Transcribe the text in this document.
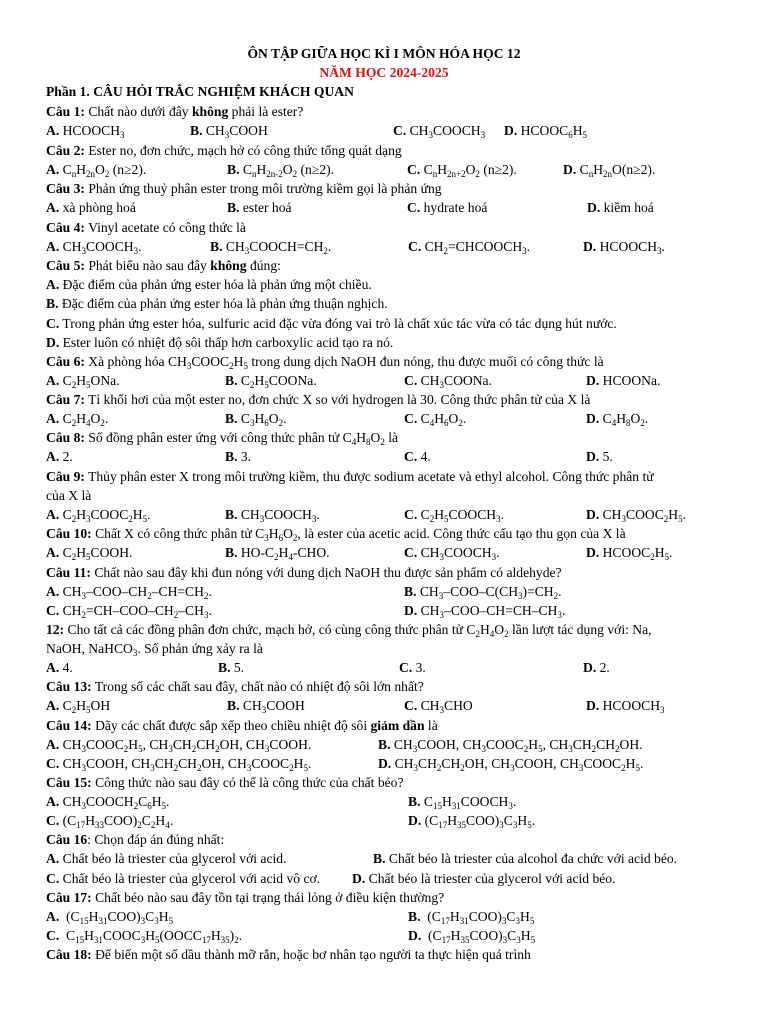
ÔN TẬP GIỮA HỌC KÌ I MÔN HÓA HỌC 12
NĂM HỌC 2024-2025
Phần 1. CÂU HỎI TRẮC NGHIỆM KHÁCH QUAN
Câu 1: Chất nào dưới đây không phải là ester?
A. $HCOOCH_3$	B. $CH_3COOH$	C. $CH_3COOCH_3$ D. $HCOOC_6H_5$
Câu 2: Ester no, đơn chức, mạch hở có công thức tổng quát dạng
A. $C_nH_{2n}O_2$ (n≥2).	B. $C_nH_{2n-2}O_2$ (n≥2).	C. $C_nH_{2n+2}O_2$ (n≥2).	D. $C_nH_{2n}O(n\ge 2)$.
Câu 3: Phản ứng thuỷ phân ester trong môi trường kiềm gọi là phản ứng
A. xà phòng hoá	B. ester hoá	C. hydrate hoá	D. kiềm hoá
Câu 4: Vinyl acetate có công thức là
A. $CH_3COOCH_3$.	B. $CH_3COOCH=CH_2$.	C. $CH_2=CHCOOCH_3$.	D. $HCOOCH_3$.
Câu 5: Phát biểu nào sau đây không đúng:
A. Đặc điểm của phản ứng ester hóa là phản ứng một chiều.
B. Đặc điểm của phản ứng ester hóa là phản ứng thuận nghịch.
C. Trong phản ứng ester hóa, sulfuric acid đặc vừa đóng vai trò là chất xúc tác vừa có tác dụng hút nước.
D. Ester luôn có nhiệt độ sôi thấp hơn carboxylic acid tạo ra nó.
Câu 6: Xà phòng hóa $CH_3COOC_2H_5$ trong dung dịch NaOH đun nóng, thu được muối có công thức là
A. $C_2H_5ONa$.	B. $C_2H_5COONa$.	C. $CH_3COONa$.	D. HCOONa.
Câu 7: Tỉ khối hơi của một ester no, đơn chức X so với hydrogen là 30. Công thức phân tử của X là
A. $C_2H_4O_2$.	B. $C_3H_6O_2$.	C. $C_4H_6O_2$.	D. $C_4H_8O_2$.
Câu 8: Số đồng phân ester ứng với công thức phân tử $C_4H_8O_2$ là
A. 2.	B. 3.	C. 4.	D. 5.
Câu 9: Thủy phân ester X trong môi trường kiềm, thu được sodium acetate và ethyl alcohol. Công thức phân tử
của X là
A. $C_2H_3COOC_2H_5$.	B. $CH_3COOCH_3$.	C. $C_2H_5COOCH_3$.	D. $CH_3COOC_2H_5$.
Câu 10: Chất X có công thức phân tử $C_3H_6O_2$, là ester của acetic acid. Công thức cấu tạo thu gọn của X là
A. $C_2H_5COOH$.	B. $HO-C_2H_4$-CHO.	C. $CH_3COOCH_3$.	D. $HCOOC_2H_5$.
Câu 11: Chất nào sau đây khi đun nóng với dung dịch NaOH thu được sản phẩm có aldehyde?
A. $CH_3-COO-CH_2-CH=CH_2$.	B. $CH_3-COO-C(CH_3)=CH_2$.
C. $CH_2=CH-COO-CH_2-CH_3$.	D. $CH_3-COO-CH=CH-CH_3$.
12: Cho tất cả các đồng phân đơn chức, mạch hở, có cùng công thức phân tử $C_2H_4O_2$ lần lượt tác dụng với: Na,
NaOH, NaHCO$_3$. Số phản ứng xảy ra là
A. 4.	B. 5.	C. 3.	D. 2.
Câu 13: Trong số các chất sau đây, chất nào có nhiệt độ sôi lớn nhất?
A. $C_2H_5OH$	B. $CH_3COOH$	C. $CH_3CHO$	D. $HCOOCH_3$
Câu 14: Dãy các chất được sắp xếp theo chiều nhiệt độ sôi giảm dần là
A. $CH_3COOC_2H_5$, $CH_3CH_2CH_2OH$, $CH_3COOH$.	B. $CH_3COOH$, $CH_3COOC_2H_5$, $CH_3CH_2CH_2OH$.
C. $CH_3COOH$, $CH_3CH_2CH_2OH$, $CH_3COOC_2H_5$.	D. $CH_3CH_2CH_2OH$, $CH_3COOH$, $CH_3COOC_2H_5$.
Câu 15: Công thức nào sau đây có thể là công thức của chất béo?
A. $CH_3COOCH_2C_6H_5$.	B. $C_{15}H_{31}COOCH_3$.
C. $(C_{17}H_{33}COO)_2C_2H_4$.	D. $(C_{17}H_{35}COO)_3C_3H_5$.
Câu 16: Chọn đáp án đúng nhất:
A. Chất béo là triester của glycerol với acid.	B. Chất béo là triester của alcohol đa chức với acid béo.
C. Chất béo là triester của glycerol với acid vô cơ. D. Chất béo là triester của glycerol với acid béo.
Câu 17: Chất béo nào sau đây tồn tại trạng thái lỏng ở điều kiện thường?
A.  $(C_{15}H_{31}COO)_3C_3H_5$	B.  $(C_{17}H_{31}COO)_3C_3H_5$
C.  $C_{15}H_{31}COOC_3H_5(OOCC_{17}H_{35})_2$.	D.  $(C_{17}H_{35}COO)_3C_3H_5$
Câu 18: Để biến một số dầu thành mỡ rắn, hoặc bơ nhân tạo người ta thực hiện quá trình
